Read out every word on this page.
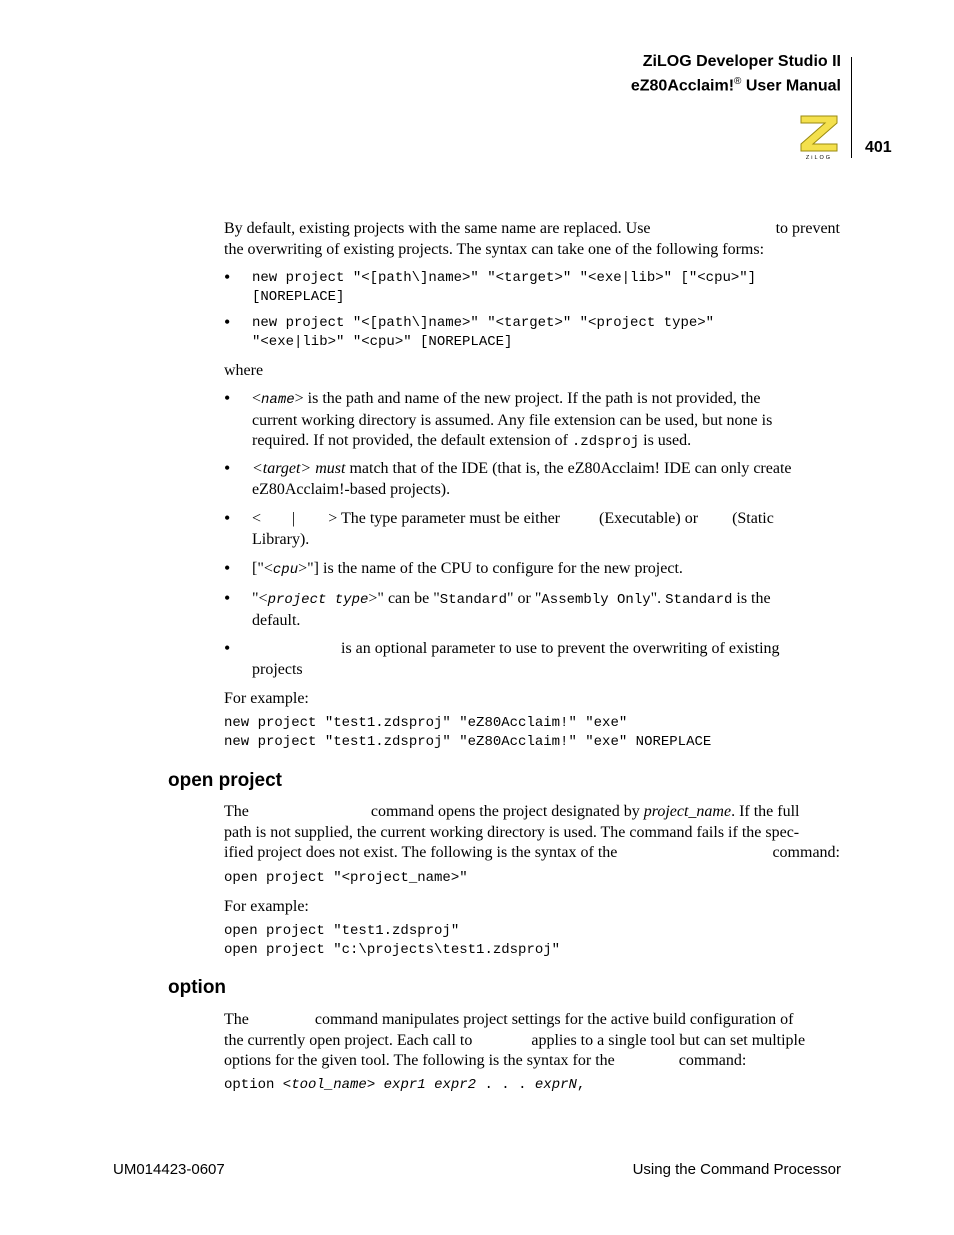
ZiLOG Developer Studio II
eZ80Acclaim!® User Manual
ZiLOG
401
By default, existing projects with the same name are replaced. Use	to prevent
the overwriting of existing projects. The syntax can take one of the following forms:
• new project "<[path\]name>" "<target>" "<exe|lib>" ["<cpu>"]
[NOREPLACE]
• new project "<[path\]name>" "<target>" "<project type>"
"<exe|lib>" "<cpu>" [NOREPLACE]
where
• <name> is the path and name of the new project. If the path is not provided, the
current working directory is assumed. Any file extension can be used, but none is
required. If not provided, the default extension of .zdsproj is used.
• <target> must match that of the IDE (that is, the eZ80Acclaim! IDE can only create
eZ80Acclaim!-based projects).
• < | > The type parameter must be either (Executable) or (Static
Library).
• ["<cpu>"] is the name of the CPU to configure for the new project.
• "<project type>" can be "Standard" or "Assembly Only". Standard is the
default.
•	is an optional parameter to use to prevent the overwriting of existing
projects
For example:
new project "test1.zdsproj" "eZ80Acclaim!" "exe"
new project "test1.zdsproj" "eZ80Acclaim!" "exe" NOREPLACE
open project
The	command opens the project designated by project_name. If the full
path is not supplied, the current working directory is used. The command fails if the spec-
ified project does not exist. The following is the syntax of the	command:
open project "<project_name>"
For example:
open project "test1.zdsproj"
open project "c:\projects\test1.zdsproj"
option
The	command manipulates project settings for the active build configuration of
the currently open project. Each call to	applies to a single tool but can set multiple
options for the given tool. The following is the syntax for the	command:
option <tool_name> expr1 expr2 . . . exprN,
UM014423-0607	Using the Command Processor
